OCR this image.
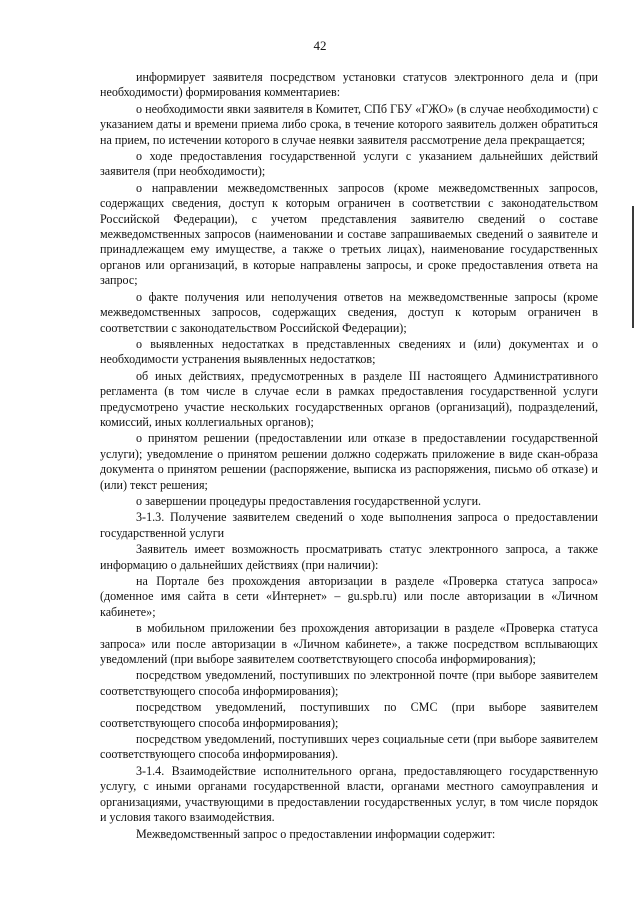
42

информирует заявителя посредством установки статусов электронного дела и (при необходимости) формирования комментариев:

о необходимости явки заявителя в Комитет, СПб ГБУ «ГЖО» (в случае необходимости) с указанием даты и времени приема либо срока, в течение которого заявитель должен обратиться на прием, по истечении которого в случае неявки заявителя рассмотрение дела прекращается;

о ходе предоставления государственной услуги с указанием дальнейших действий заявителя (при необходимости);

о направлении межведомственных запросов (кроме межведомственных запросов, содержащих сведения, доступ к которым ограничен в соответствии с законодательством Российской Федерации), с учетом представления заявителю сведений о составе межведомственных запросов (наименовании и составе запрашиваемых сведений о заявителе и принадлежащем ему имуществе, а также о третьих лицах), наименование государственных органов или организаций, в которые направлены запросы, и сроке предоставления ответа на запрос;

о факте получения или неполучения ответов на межведомственные запросы (кроме межведомственных запросов, содержащих сведения, доступ к которым ограничен в соответствии с законодательством Российской Федерации);

о выявленных недостатках в представленных сведениях и (или) документах и о необходимости устранения выявленных недостатков;

об иных действиях, предусмотренных в разделе III настоящего Административного регламента (в том числе в случае если в рамках предоставления государственной услуги предусмотрено участие нескольких государственных органов (организаций), подразделений, комиссий, иных коллегиальных органов);

о принятом решении (предоставлении или отказе в предоставлении государственной услуги); уведомление о принятом решении должно содержать приложение в виде скан-образа документа о принятом решении (распоряжение, выписка из распоряжения, письмо об отказе) и (или) текст решения;

о завершении процедуры предоставления государственной услуги.

3-1.3. Получение заявителем сведений о ходе выполнения запроса о предоставлении государственной услуги

Заявитель имеет возможность просматривать статус электронного запроса, а также информацию о дальнейших действиях (при наличии):

на Портале без прохождения авторизации в разделе «Проверка статуса запроса» (доменное имя сайта в сети «Интернет» – gu.spb.ru) или после авторизации в «Личном кабинете»;

в мобильном приложении без прохождения авторизации в разделе «Проверка статуса запроса» или после авторизации в «Личном кабинете», а также посредством всплывающих уведомлений (при выборе заявителем соответствующего способа информирования);

посредством уведомлений, поступивших по электронной почте (при выборе заявителем соответствующего способа информирования);

посредством уведомлений, поступивших по СМС (при выборе заявителем соответствующего способа информирования);

посредством уведомлений, поступивших через социальные сети (при выборе заявителем соответствующего способа информирования).

3-1.4. Взаимодействие исполнительного органа, предоставляющего государственную услугу, с иными органами государственной власти, органами местного самоуправления и организациями, участвующими в предоставлении государственных услуг, в том числе порядок и условия такого взаимодействия.

Межведомственный запрос о предоставлении информации содержит:
